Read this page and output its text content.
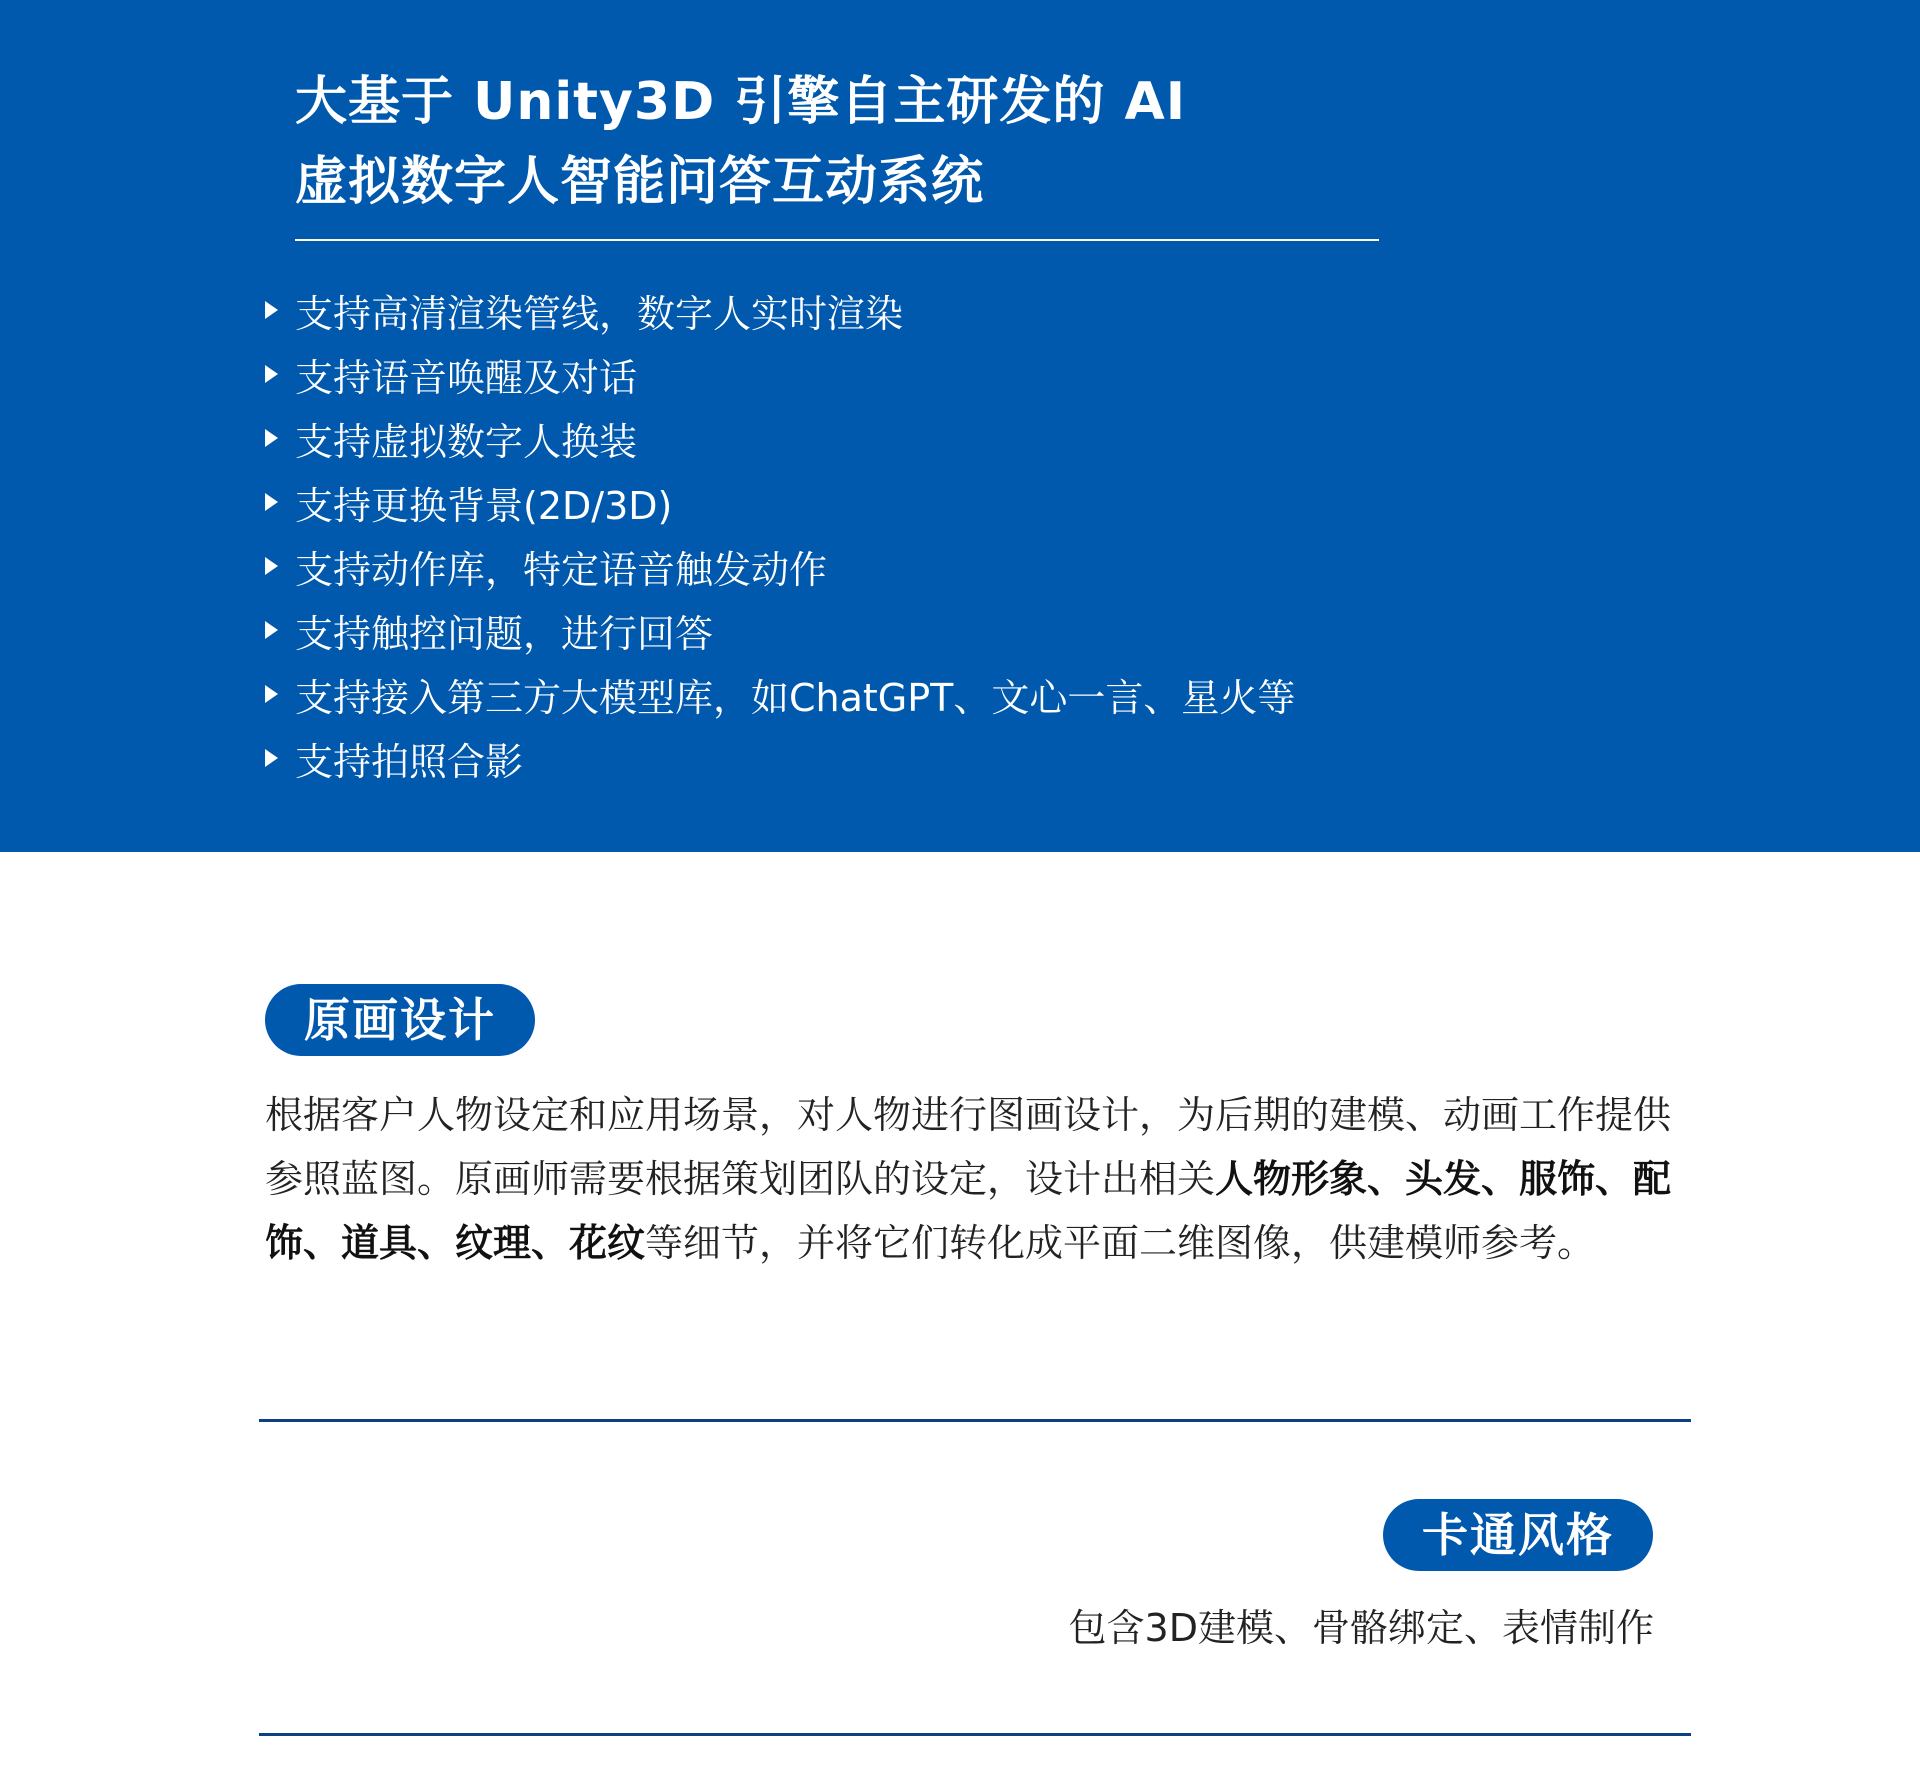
大基于 Unity3D 引擎自主研发的 AI
虚拟数字人智能问答互动系统
支持高清渲染管线，数字人实时渲染
支持语音唤醒及对话
支持虚拟数字人换装
支持更换背景(2D/3D)
支持动作库，特定语音触发动作
支持触控问题，进行回答
支持接入第三方大模型库，如ChatGPT、文心一言、星火等
支持拍照合影
原画设计

根据客户人物设定和应用场景，对人物进行图画设计，为后期的建模、动画工作提供参照蓝图。原画师需要根据策划团队的设定，设计出相关人物形象、头发、服饰、配饰、道具、纹理、花纹等细节，并将它们转化成平面二维图像，供建模师参考。

卡通风格

包含3D建模、骨骼绑定、表情制作
